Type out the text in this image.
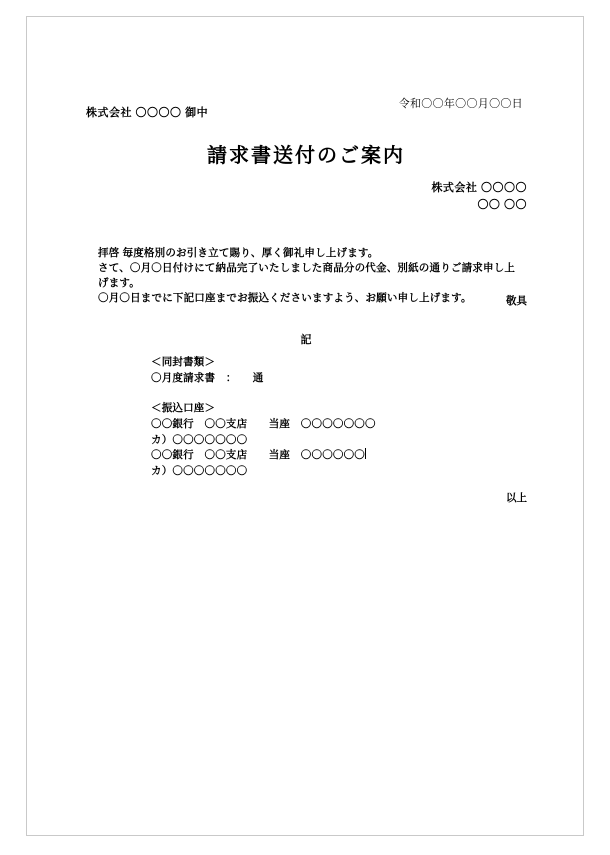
令和〇〇年〇〇月〇〇日
株式会社 〇〇〇〇 御中
請求書送付のご案内
株式会社 〇〇〇〇
〇〇 〇〇
拝啓 毎度格別のお引き立て賜り、厚く御礼申し上げます。
さて、〇月〇日付けにて納品完了いたしました商品分の代金、別紙の通りご請求申し上げます。
〇月〇日までに下記口座までお振込くださいますよう、お願い申し上げます。	敬具
記
＜同封書類＞
〇月度請求書　：　　通
＜振込口座＞
〇〇銀行　〇〇支店　　当座　〇〇〇〇〇〇〇
カ）〇〇〇〇〇〇〇
〇〇銀行　〇〇支店　　当座　〇〇〇〇〇〇
カ）〇〇〇〇〇〇〇
以上
